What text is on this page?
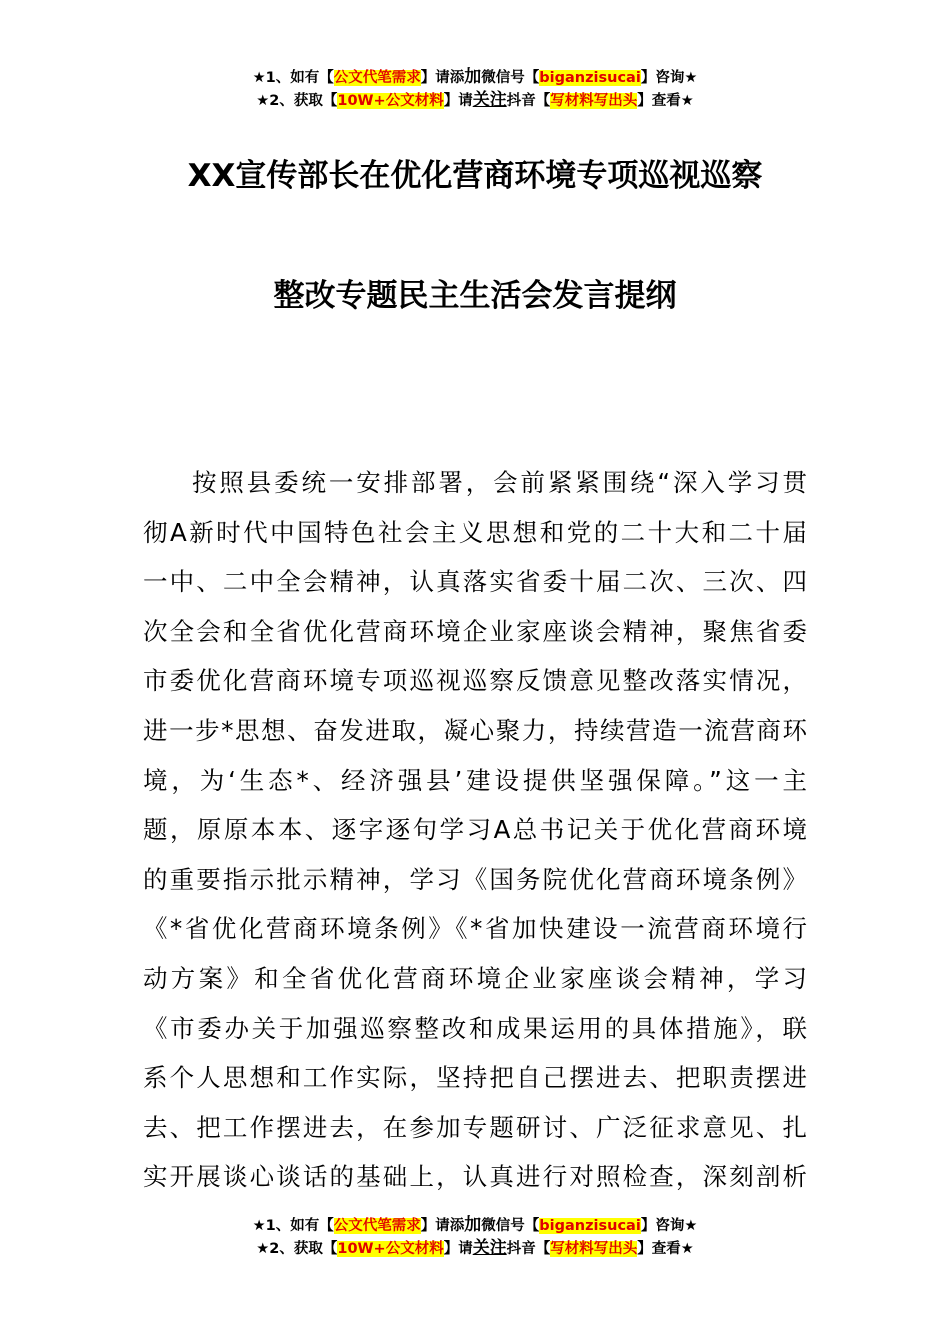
★1、如有【公文代笔需求】请添加微信号【biganzisucai】咨询★
★2、获取【10W+公文材料】请关注抖音【写材料写出头】查看★
XX宣传部长在优化营商环境专项巡视巡察
整改专题民主生活会发言提纲
按照县委统一安排部署，会前紧紧围绕“深入学习贯
彻A新时代中国特色社会主义思想和党的二十大和二十届
一中、二中全会精神，认真落实省委十届二次、三次、四
次全会和全省优化营商环境企业家座谈会精神，聚焦省委
市委优化营商环境专项巡视巡察反馈意见整改落实情况，
进一步*思想、奋发进取，凝心聚力，持续营造一流营商环
境，为‘生态*、经济强县’建设提供坚强保障。”这一主
题，原原本本、逐字逐句学习A总书记关于优化营商环境
的重要指示批示精神，学习《国务院优化营商环境条例》
《*省优化营商环境条例》《*省加快建设一流营商环境行
动方案》和全省优化营商环境企业家座谈会精神，学习
《市委办关于加强巡察整改和成果运用的具体措施》，联
系个人思想和工作实际，坚持把自己摆进去、把职责摆进
去、把工作摆进去，在参加专题研讨、广泛征求意见、扎
实开展谈心谈话的基础上，认真进行对照检查，深刻剖析
★1、如有【公文代笔需求】请添加微信号【biganzisucai】咨询★
★2、获取【10W+公文材料】请关注抖音【写材料写出头】查看★
